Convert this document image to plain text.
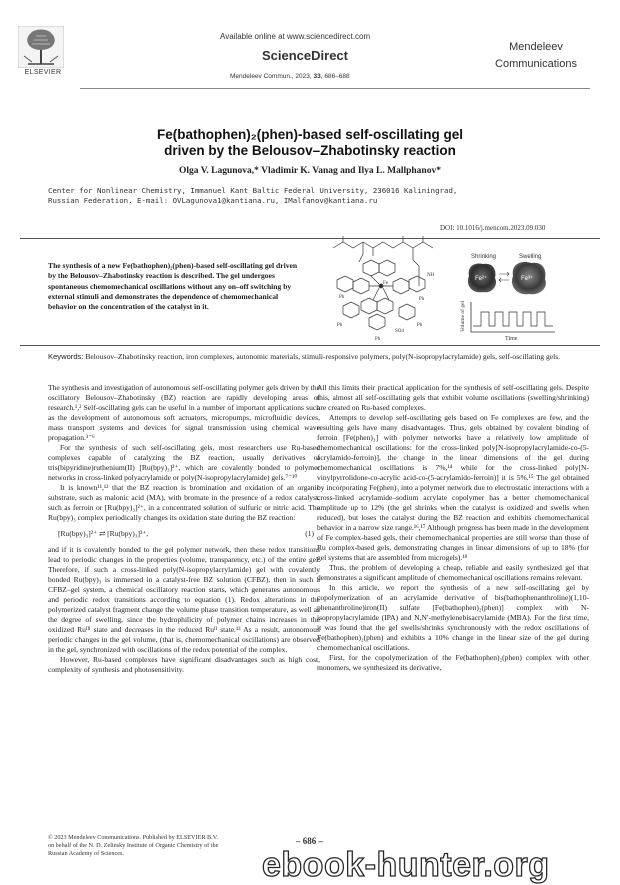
ELSEVIER
Available online at www.sciencedirect.com
ScienceDirect
Mendeleev Commun., 2023, 33, 686–688
Mendeleev
Communications
Fe(bathophen)₂(phen)-based self-oscillating gel
driven by the Belousov–Zhabotinsky reaction
Olga V. Lagunova,* Vladimir K. Vanag and Ilya L. Mallphanov*
Center for Nonlinear Chemistry, Immanuel Kant Baltic Federal University, 236016 Kaliningrad,
Russian Federation. E-mail: OVLagunova1@kantiana.ru, IMalfanov@kantiana.ru
DOI: 10.1016/j.mencom.2023.09.030
The synthesis of a new Fe(bathophen)₂(phen)-based self-oscillating gel driven by the Belousov–Zhabotinsky reaction is described. The gel undergoes spontaneous chemomechanical oscillations without any on–off switching by external stimuli and demonstrates the dependence of chemomechanical behavior on the concentration of the catalyst in it.
Ph
Ph
Ph
Ph
Ph
SO4
Fe
NH
Shrinking	Swelling
Fe²⁺	Fe³⁺
Volume of gel
Time
Keywords: Belousov–Zhabotinsky reaction, iron complexes, autonomic materials, stimuli-responsive polymers, poly(N-isopropylacrylamide) gels, self-oscillating gels.

The synthesis and investigation of autonomous self-oscillating polymer gels driven by the oscillatory Belousov–Zhabotinsky (BZ) reaction are rapidly developing areas of research.¹,² Self-oscillating gels can be useful in a number of important applications such as the development of autonomous soft actuators, micropumps, microfluidic devices, mass transport systems and devices for signal transmission using chemical wave propagation.³⁻⁶

For the synthesis of such self-oscillating gels, most researchers use Ru-based complexes capable of catalyzing the BZ reaction, usually derivatives of tris(bipyridine)ruthenium(II) [Ru(bpy)₃]²⁺, which are covalently bonded to polymer networks in cross-linked polyacrylamide or poly(N-isopropylacrylamide) gels.⁷⁻¹⁰

It is known¹¹,¹² that the BZ reaction is bromination and oxidation of an organic substrate, such as malonic acid (MA), with bromate in the presence of a redox catalyst, such as ferroin or [Ru(bpy)₃]²⁺, in a concentrated solution of sulfuric or nitric acid. The Ru(bpy)₃ complex periodically changes its oxidation state during the BZ reaction:

[Ru(bpy)₃]²⁺ ⇄ [Ru(bpy)₃]³⁺,	(1)

and if it is covalently bonded to the gel polymer network, then these redox transitions lead to periodic changes in the properties (volume, transparency, etc.) of the entire gel. Therefore, if such a cross-linked poly(N-isopropylacrylamide) gel with covalently bonded Ru(bpy)₃ is immersed in a catalyst-free BZ solution (CFBZ), then in such a CFBZ–gel system, a chemical oscillatory reaction starts, which generates autonomous and periodic redox transitions according to equation (1). Redox alterations in the polymerized catalyst fragment change the volume phase transition temperature, as well as the degree of swelling, since the hydrophilicity of polymer chains increases in the oxidized Ruᴵᴵᴵ state and decreases in the reduced Ruᴵᴵ state.¹³ As a result, autonomous periodic changes in the gel volume, (that is, chemomechanical oscillations) are observed in the gel, synchronized with oscillations of the redox potential of the complex.

However, Ru-based complexes have significant disadvantages such as high cost, complexity of synthesis and photosensitivity.

All this limits their practical application for the synthesis of self-oscillating gels. Despite this, almost all self-oscillating gels that exhibit volume oscillations (swelling/shrinking) are created on Ru-based complexes.

Attempts to develop self-oscillating gels based on Fe complexes are few, and the resulting gels have many disadvantages. Thus, gels obtained by covalent binding of ferroin [Fe(phen)₃] with polymer networks have a relatively low amplitude of chemomechanical oscillations: for the cross-linked poly[N-isopropylacrylamide-co-(5-acrylamido-ferroin)], the change in the linear dimensions of the gel during chemomechanical oscillations is 7%,¹⁴ while for the cross-linked poly[N-vinylpyrrolidone-co-acrylic acid-co-(5-acrylamido-ferroin)] it is 5%.¹⁵ The gel obtained by incorporating Fe(phen)₃ into a polymer network due to electrostatic interactions with a cross-linked acrylamide–sodium acrylate copolymer has a better chemomechanical amplitude up to 12% (the gel shrinks when the catalyst is oxidized and swells when reduced), but loses the catalyst during the BZ reaction and exhibits chemomechanical behavior in a narrow size range.¹⁶,¹⁷ Although progress has been made in the development of Fe complex-based gels, their chemomechanical properties are still worse than those of Ru complex-based gels, demonstrating changes in linear dimensions of up to 18% (for gel systems that are assembled from microgels).¹⁸

Thus, the problem of developing a cheap, reliable and easily synthesized gel that demonstrates a significant amplitude of chemomechanical oscillations remains relevant.

In this article, we report the synthesis of a new self-oscillating gel by copolymerization of an acrylamide derivative of bis(bathophenanthroline)(1,10-phenanthroline)iron(II) sulfate [Fe(bathophen)₂(phen)] complex with N-isopropylacrylamide (IPA) and N,N′-methylenebisacrylamide (MBA). For the first time, it was found that the gel swells/shrinks synchronously with the redox oscillations of Fe(bathophen)₂(phen) and exhibits a 10% change in the linear size of the gel during chemomechanical oscillations.

First, for the copolymerization of the Fe(bathophen)₂(phen) complex with other monomers, we synthesized its derivative,

© 2023 Mendeleev Communications. Published by ELSEVIER B.V.
on behalf of the N. D. Zelinsky Institute of Organic Chemistry of the
Russian Academy of Sciences.
– 686 –
ebook-hunter.org
